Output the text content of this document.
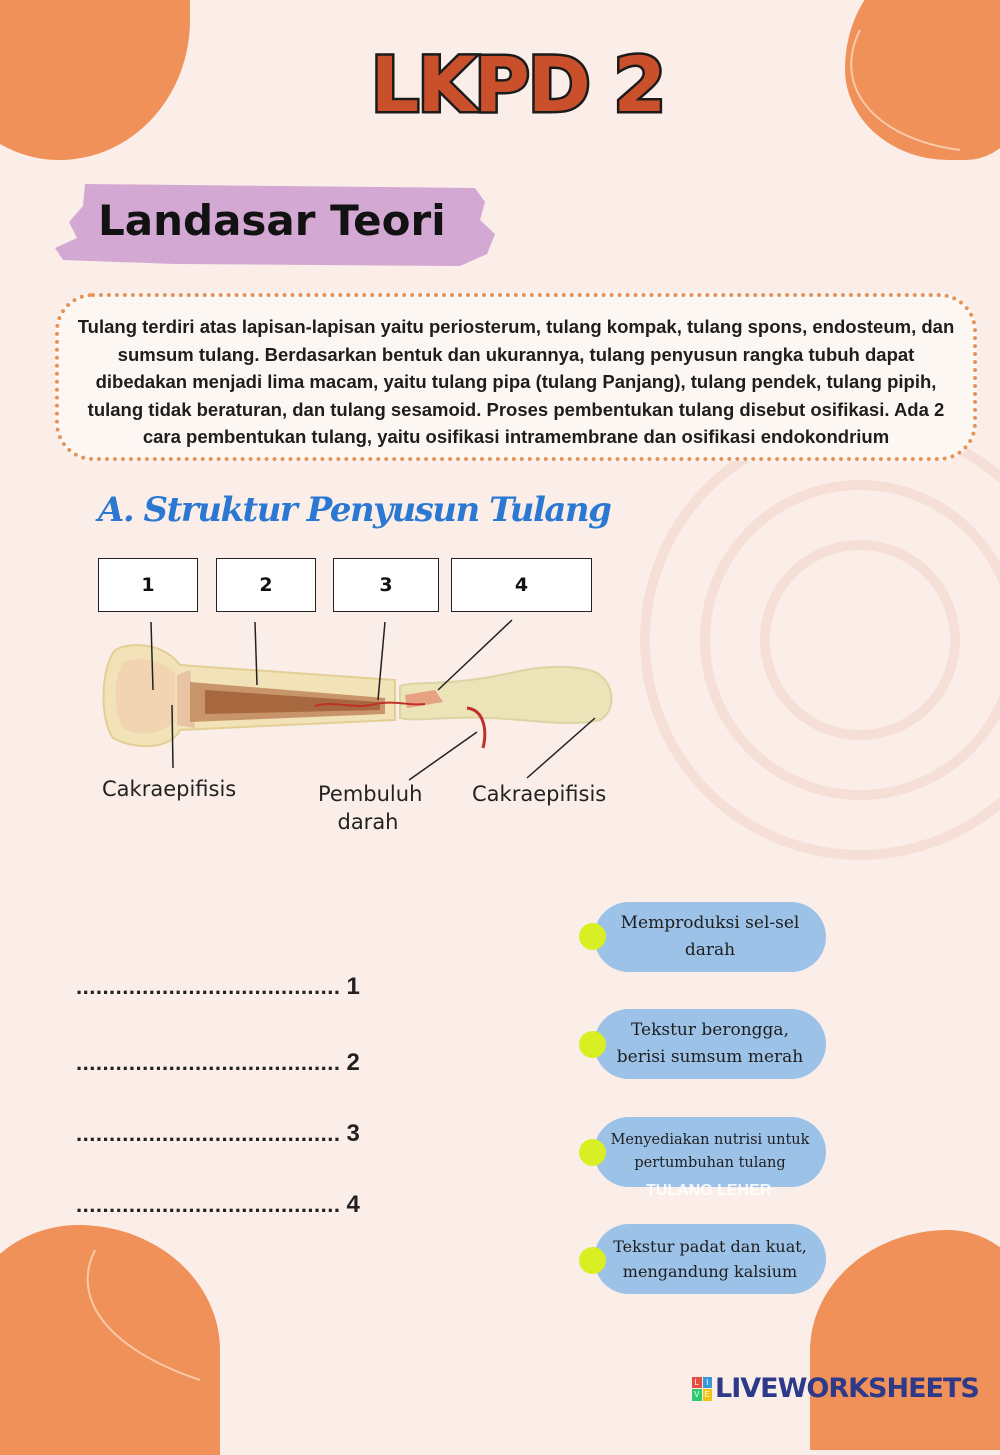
LKPD 2
Landasar Teori
Tulang terdiri atas lapisan-lapisan yaitu periosterum, tulang kompak, tulang spons, endosteum, dan sumsum tulang. Berdasarkan bentuk dan ukurannya, tulang penyusun rangka tubuh dapat dibedakan menjadi lima macam, yaitu tulang pipa (tulang Panjang), tulang pendek, tulang pipih, tulang tidak beraturan, dan tulang sesamoid. Proses pembentukan tulang disebut osifikasi. Ada 2 cara pembentukan tulang, yaitu osifikasi intramembrane dan osifikasi endokondrium
A. Struktur Penyusun Tulang
1	2	3	4
Cakraepifisis	Pembuluh
darah
Cakraepifisis
........................................ 1
........................................ 2
........................................ 3
........................................ 4
Memproduksi sel-sel
darah
Tekstur berongga,
berisi sumsum merah
Menyediakan nutrisi untuk
pertumbuhan tulang
TULANG LEHER
Tekstur padat dan kuat,
mengandung kalsium
L I
V E LIVEWORKSHEETS
